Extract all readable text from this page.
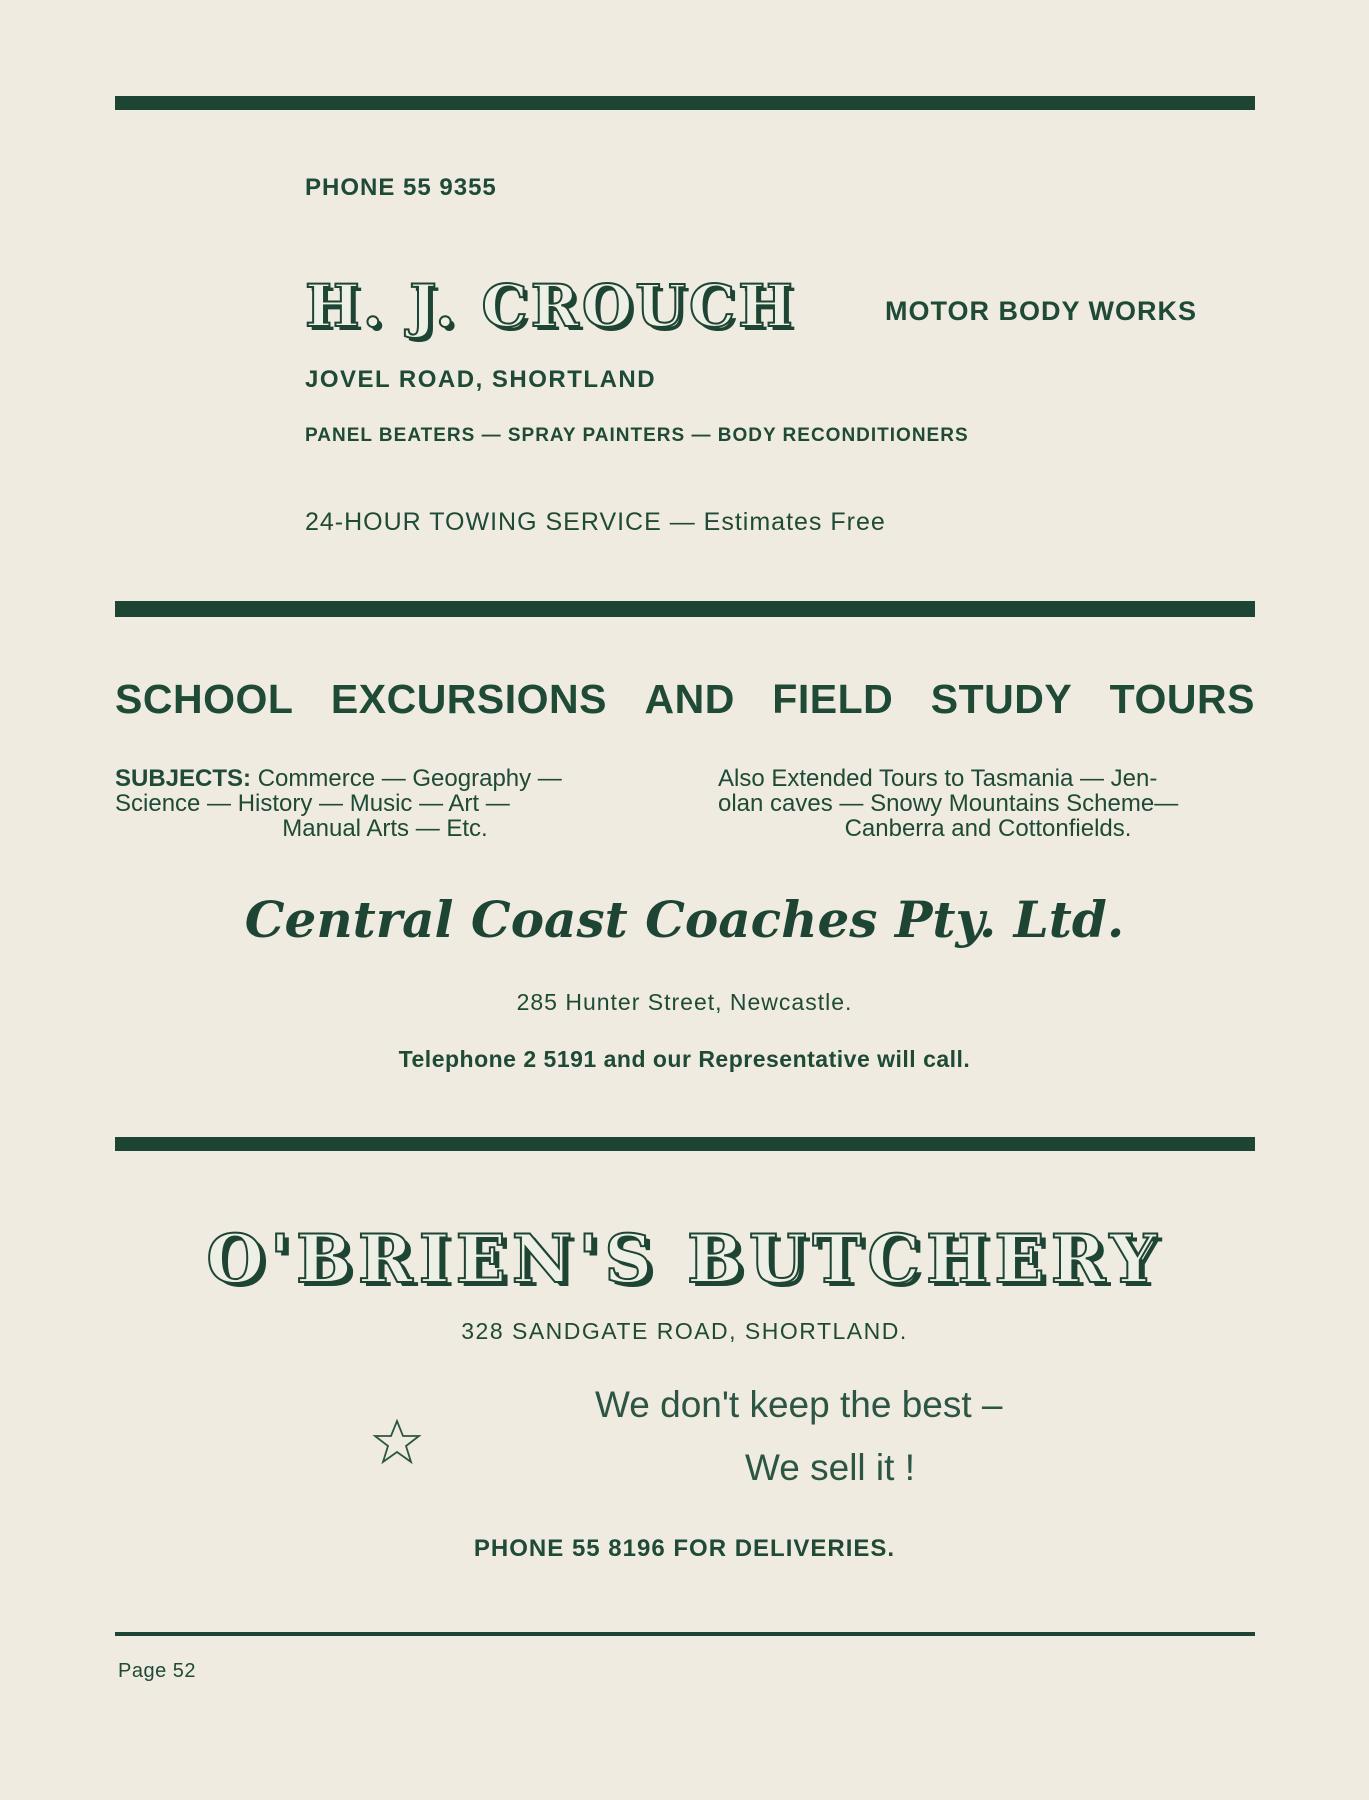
PHONE 55 9355
H. J. CROUCH	MOTOR BODY WORKS
JOVEL ROAD, SHORTLAND
PANEL BEATERS — SPRAY PAINTERS — BODY RECONDITIONERS
24-HOUR TOWING SERVICE — Estimates Free
SCHOOL EXCURSIONS AND FIELD STUDY TOURS
SUBJECTS: Commerce — Geography —
Science — History — Music — Art —
Manual Arts — Etc.
Also Extended Tours to Tasmania — Jen-
olan caves — Snowy Mountains Scheme—
Canberra and Cottonfields.
Central Coast Coaches Pty. Ltd.
285 Hunter Street, Newcastle.
Telephone 2 5191 and our Representative will call.
O'BRIEN'S BUTCHERY
328 SANDGATE ROAD, SHORTLAND.
We don't keep the best –
We sell it !
PHONE 55 8196 FOR DELIVERIES.
Page 52
